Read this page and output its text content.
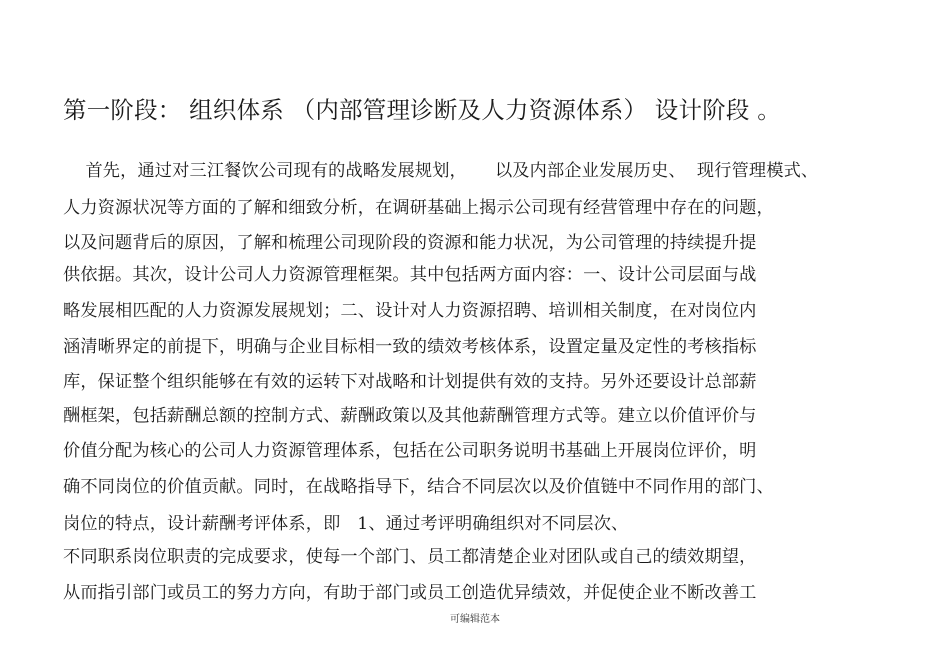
第一阶段： 组织体系 （内部管理诊断及人力资源体系） 设计阶段 。
首先，通过对三江餐饮公司现有的战略发展规划，     以及内部企业发展历史、  现行管理模式、
人力资源状况等方面的了解和细致分析，在调研基础上揭示公司现有经营管理中存在的问题，
以及问题背后的原因，了解和梳理公司现阶段的资源和能力状况，为公司管理的持续提升提
供依据。其次，设计公司人力资源管理框架。其中包括两方面内容：一、设计公司层面与战
略发展相匹配的人力资源发展规划；二、设计对人力资源招聘、培训相关制度，在对岗位内
涵清晰界定的前提下，明确与企业目标相一致的绩效考核体系，设置定量及定性的考核指标
库，保证整个组织能够在有效的运转下对战略和计划提供有效的支持。另外还要设计总部薪
酬框架，包括薪酬总额的控制方式、薪酬政策以及其他薪酬管理方式等。建立以价值评价与
价值分配为核心的公司人力资源管理体系，包括在公司职务说明书基础上开展岗位评价，明
确不同岗位的价值贡献。同时，在战略指导下，结合不同层次以及价值链中不同作用的部门、
岗位的特点，设计薪酬考评体系，即   1、通过考评明确组织对不同层次、
不同职系岗位职责的完成要求，使每一个部门、员工都清楚企业对团队或自己的绩效期望，
从而指引部门或员工的努力方向，有助于部门或员工创造优异绩效，并促使企业不断改善工
可编辑范本
